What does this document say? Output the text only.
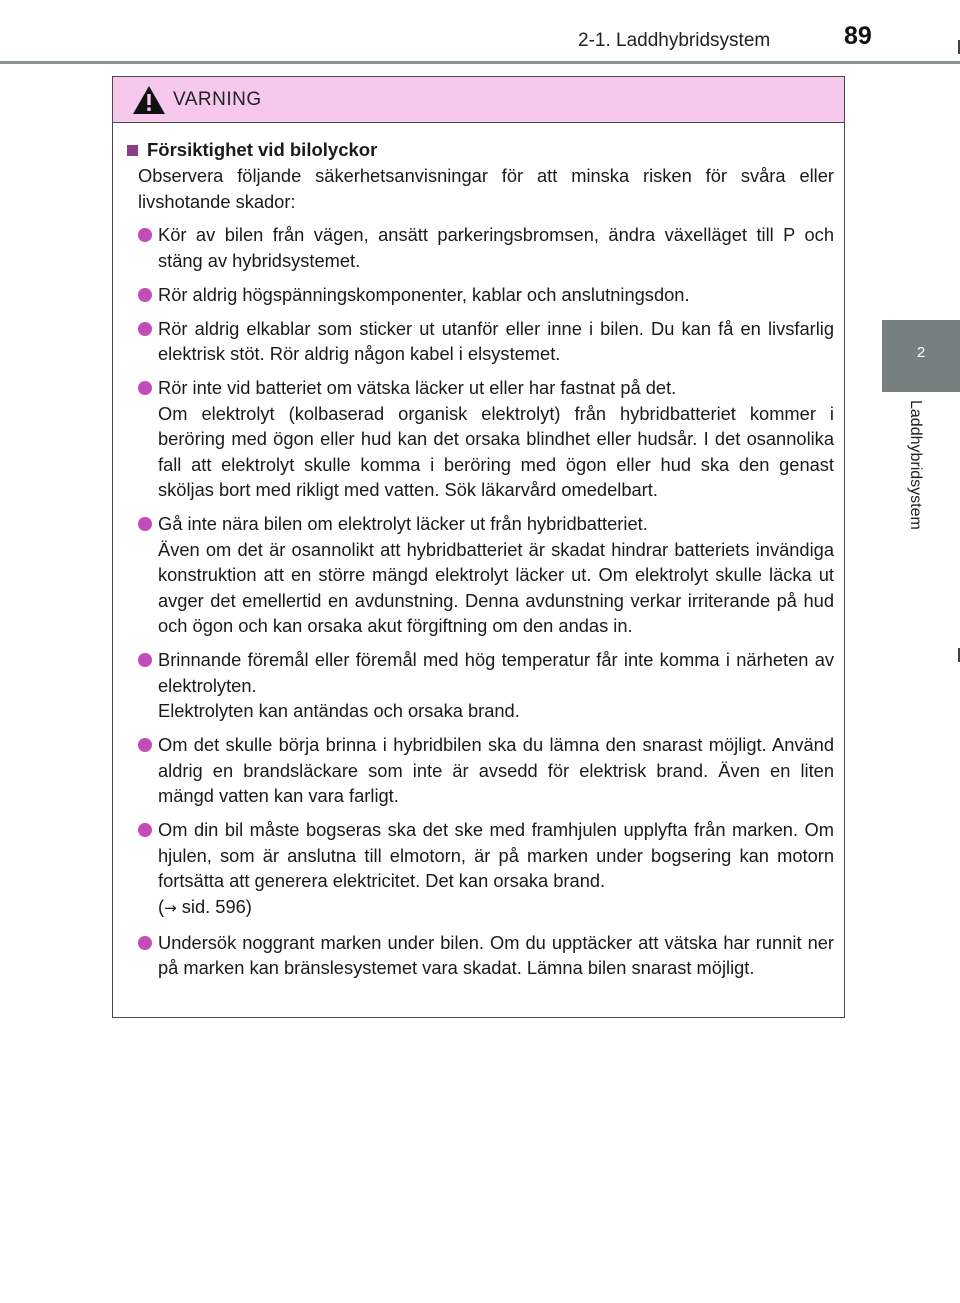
2-1. Laddhybridsystem	89
2
Laddhybridsystem
VARNING
Försiktighet vid bilolyckor

Observera följande säkerhetsanvisningar för att minska risken för svåra eller livshotande skador:

Kör av bilen från vägen, ansätt parkeringsbromsen, ändra växelläget till P och stäng av hybridsystemet.

Rör aldrig högspänningskomponenter, kablar och anslutningsdon.

Rör aldrig elkablar som sticker ut utanför eller inne i bilen. Du kan få en livsfarlig elektrisk stöt. Rör aldrig någon kabel i elsystemet.

Rör inte vid batteriet om vätska läcker ut eller har fastnat på det.

Om elektrolyt (kolbaserad organisk elektrolyt) från hybridbatteriet kommer i beröring med ögon eller hud kan det orsaka blindhet eller hudsår. I det osannolika fall att elektrolyt skulle komma i beröring med ögon eller hud ska den genast sköljas bort med rikligt med vatten. Sök läkarvård omedelbart.

Gå inte nära bilen om elektrolyt läcker ut från hybridbatteriet.

Även om det är osannolikt att hybridbatteriet är skadat hindrar batteriets invändiga konstruktion att en större mängd elektrolyt läcker ut. Om elektrolyt skulle läcka ut avger det emellertid en avdunstning. Denna avdunstning verkar irriterande på hud och ögon och kan orsaka akut förgiftning om den andas in.

Brinnande föremål eller föremål med hög temperatur får inte komma i närheten av elektrolyten.

Elektrolyten kan antändas och orsaka brand.

Om det skulle börja brinna i hybridbilen ska du lämna den snarast möjligt. Använd aldrig en brandsläckare som inte är avsedd för elektrisk brand. Även en liten mängd vatten kan vara farligt.

Om din bil måste bogseras ska det ske med framhjulen upplyfta från marken. Om hjulen, som är anslutna till elmotorn, är på marken under bogsering kan motorn fortsätta att generera elektricitet. Det kan orsaka brand.

(→ sid. 596)

Undersök noggrant marken under bilen. Om du upptäcker att vätska har runnit ner på marken kan bränslesystemet vara skadat. Lämna bilen snarast möjligt.
